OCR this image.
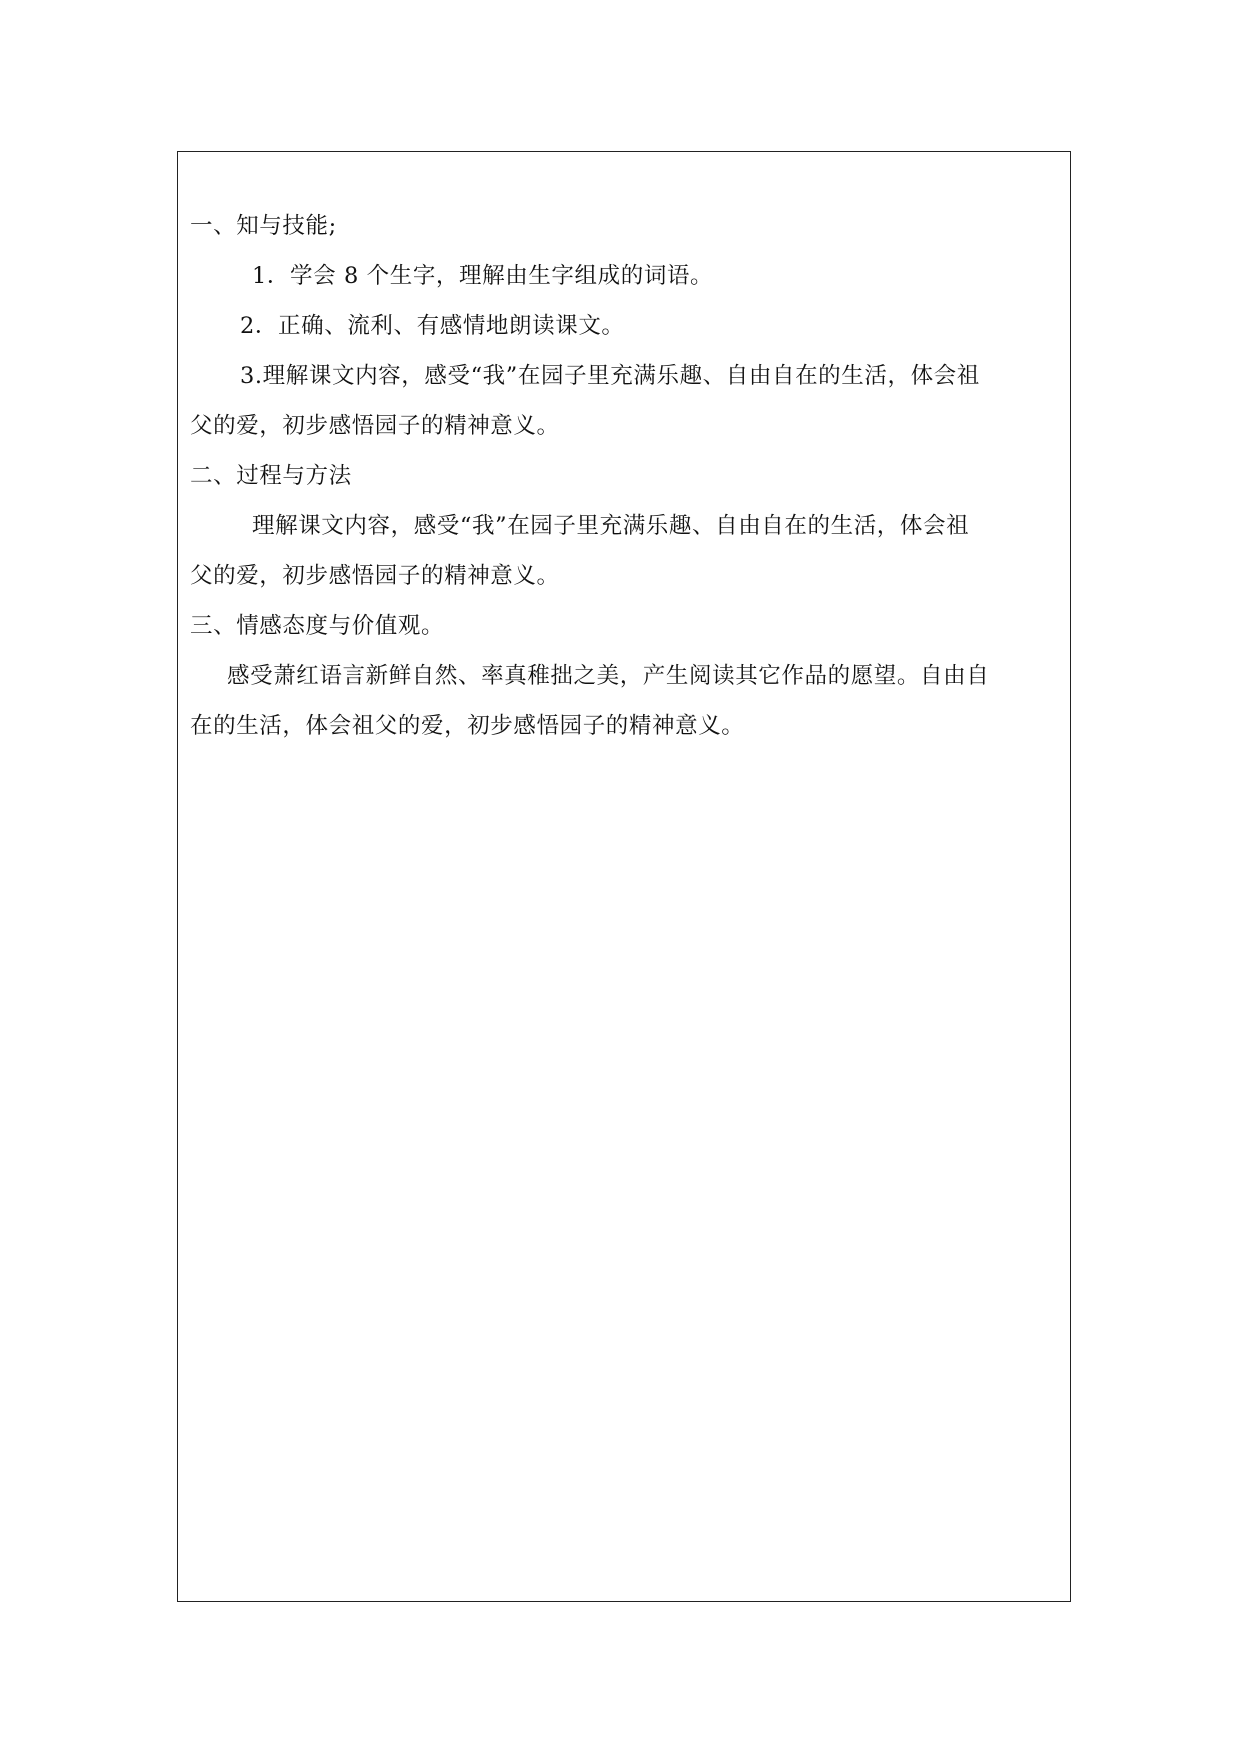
一、知与技能;
1．学会 8 个生字，理解由生字组成的词语。
2．正确、流利、有感情地朗读课文。
3.理解课文内容，感受“我”在园子里充满乐趣、自由自在的生活，体会祖
父的爱，初步感悟园子的精神意义。
二、过程与方法
理解课文内容，感受“我”在园子里充满乐趣、自由自在的生活，体会祖
父的爱，初步感悟园子的精神意义。
三、情感态度与价值观。
感受萧红语言新鲜自然、率真稚拙之美，产生阅读其它作品的愿望。自由自
在的生活，体会祖父的爱，初步感悟园子的精神意义。
